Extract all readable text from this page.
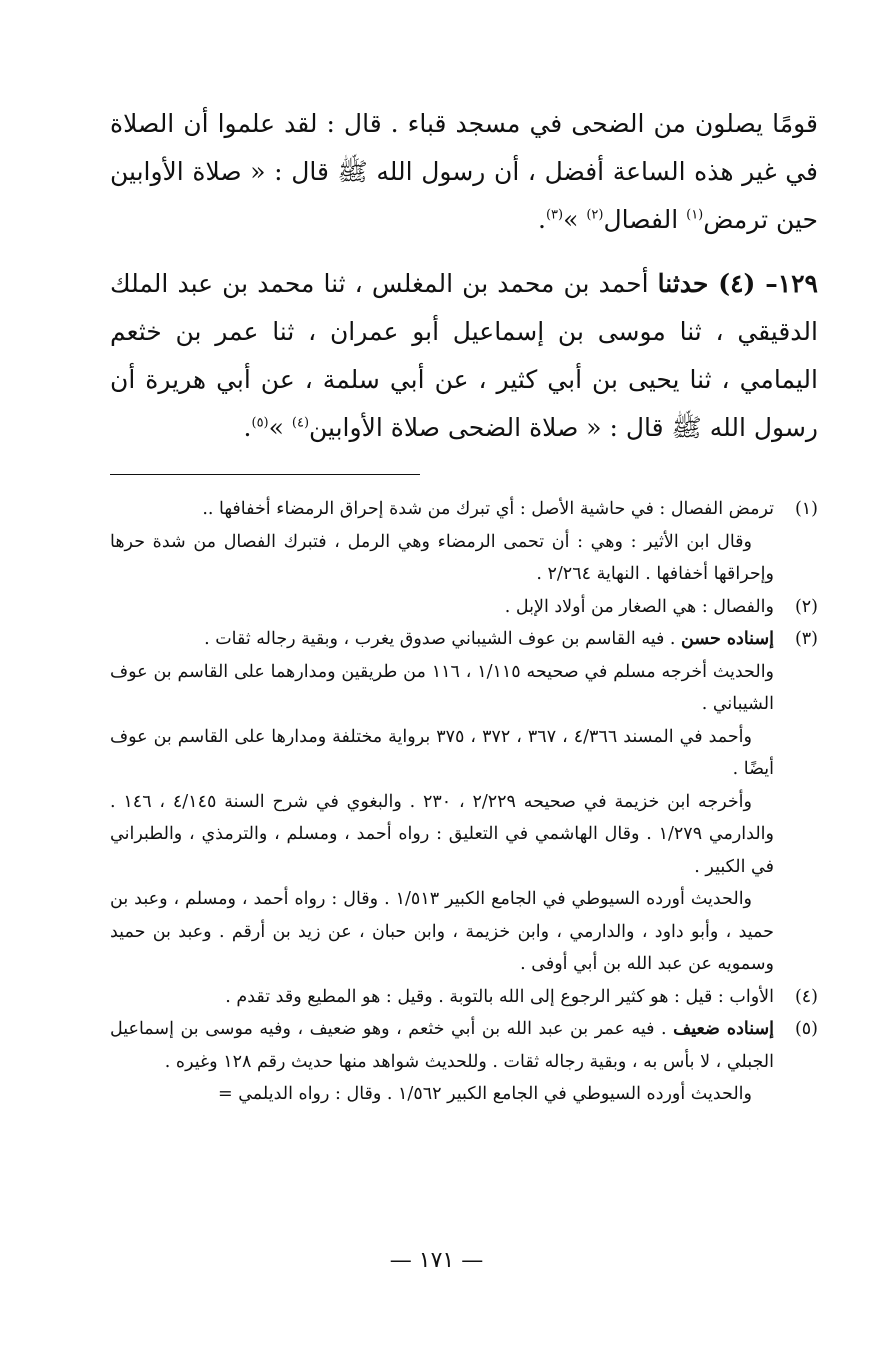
قومًا يصلون من الضحى في مسجد قباء . قال : لقد علموا أن الصلاة في غير هذه الساعة أفضل ، أن رسول الله ﷺ قال : « صلاة الأوابين حين ترمض$^{(١)}$ الفصال$^{(٢)}$ »$^{(٣)}$.

١٢٩– (٤) حدثنا أحمد بن محمد بن المغلس ، ثنا محمد بن عبد الملك الدقيقي ، ثنا موسى بن إسماعيل أبو عمران ، ثنا عمر بن خثعم اليمامي ، ثنا يحيى بن أبي كثير ، عن أبي سلمة ، عن أبي هريرة أن رسول الله ﷺ قال : « صلاة الضحى صلاة الأوابين$^{(٤)}$ »$^{(٥)}$.

(١)

ترمض الفصال : في حاشية الأصل : أي تبرك من شدة إحراق الرمضاء أخفافها ..

وقال ابن الأثير : وهي : أن تحمى الرمضاء وهي الرمل ، فتبرك الفصال من شدة حرها وإحراقها أخفافها . النهاية ٢/٢٦٤ .

(٢)

والفصال : هي الصغار من أولاد الإبل .

(٣)

إسناده حسن . فيه القاسم بن عوف الشيباني صدوق يغرب ، وبقية رجاله ثقات .

والحديث أخرجه مسلم في صحيحه ١/١١٥ ، ١١٦ من طريقين ومدارهما على القاسم بن عوف الشيباني .

وأحمد في المسند ٤/٣٦٦ ، ٣٦٧ ، ٣٧٢ ، ٣٧٥ برواية مختلفة ومدارها على القاسم بن عوف أيضًا .

وأخرجه ابن خزيمة في صحيحه ٢/٢٢٩ ، ٢٣٠ . والبغوي في شرح السنة ٤/١٤٥ ، ١٤٦ . والدارمي ١/٢٧٩ . وقال الهاشمي في التعليق : رواه أحمد ، ومسلم ، والترمذي ، والطبراني في الكبير .

والحديث أورده السيوطي في الجامع الكبير ١/٥١٣ . وقال : رواه أحمد ، ومسلم ، وعبد بن حميد ، وأبو داود ، والدارمي ، وابن خزيمة ، وابن حبان ، عن زيد بن أرقم . وعبد بن حميد وسمويه عن عبد الله بن أبي أوفى .

(٤)

الأواب : قيل : هو كثير الرجوع إلى الله بالتوبة . وقيل : هو المطيع وقد تقدم .

(٥)

إسناده ضعيف . فيه عمر بن عبد الله بن أبي خثعم ، وهو ضعيف ، وفيه موسى بن إسماعيل الجبلي ، لا بأس به ، وبقية رجاله ثقات . وللحديث شواهد منها حديث رقم ١٢٨ وغيره .

والحديث أورده السيوطي في الجامع الكبير ١/٥٦٢ . وقال : رواه الديلمي =

— ١٧١ —
